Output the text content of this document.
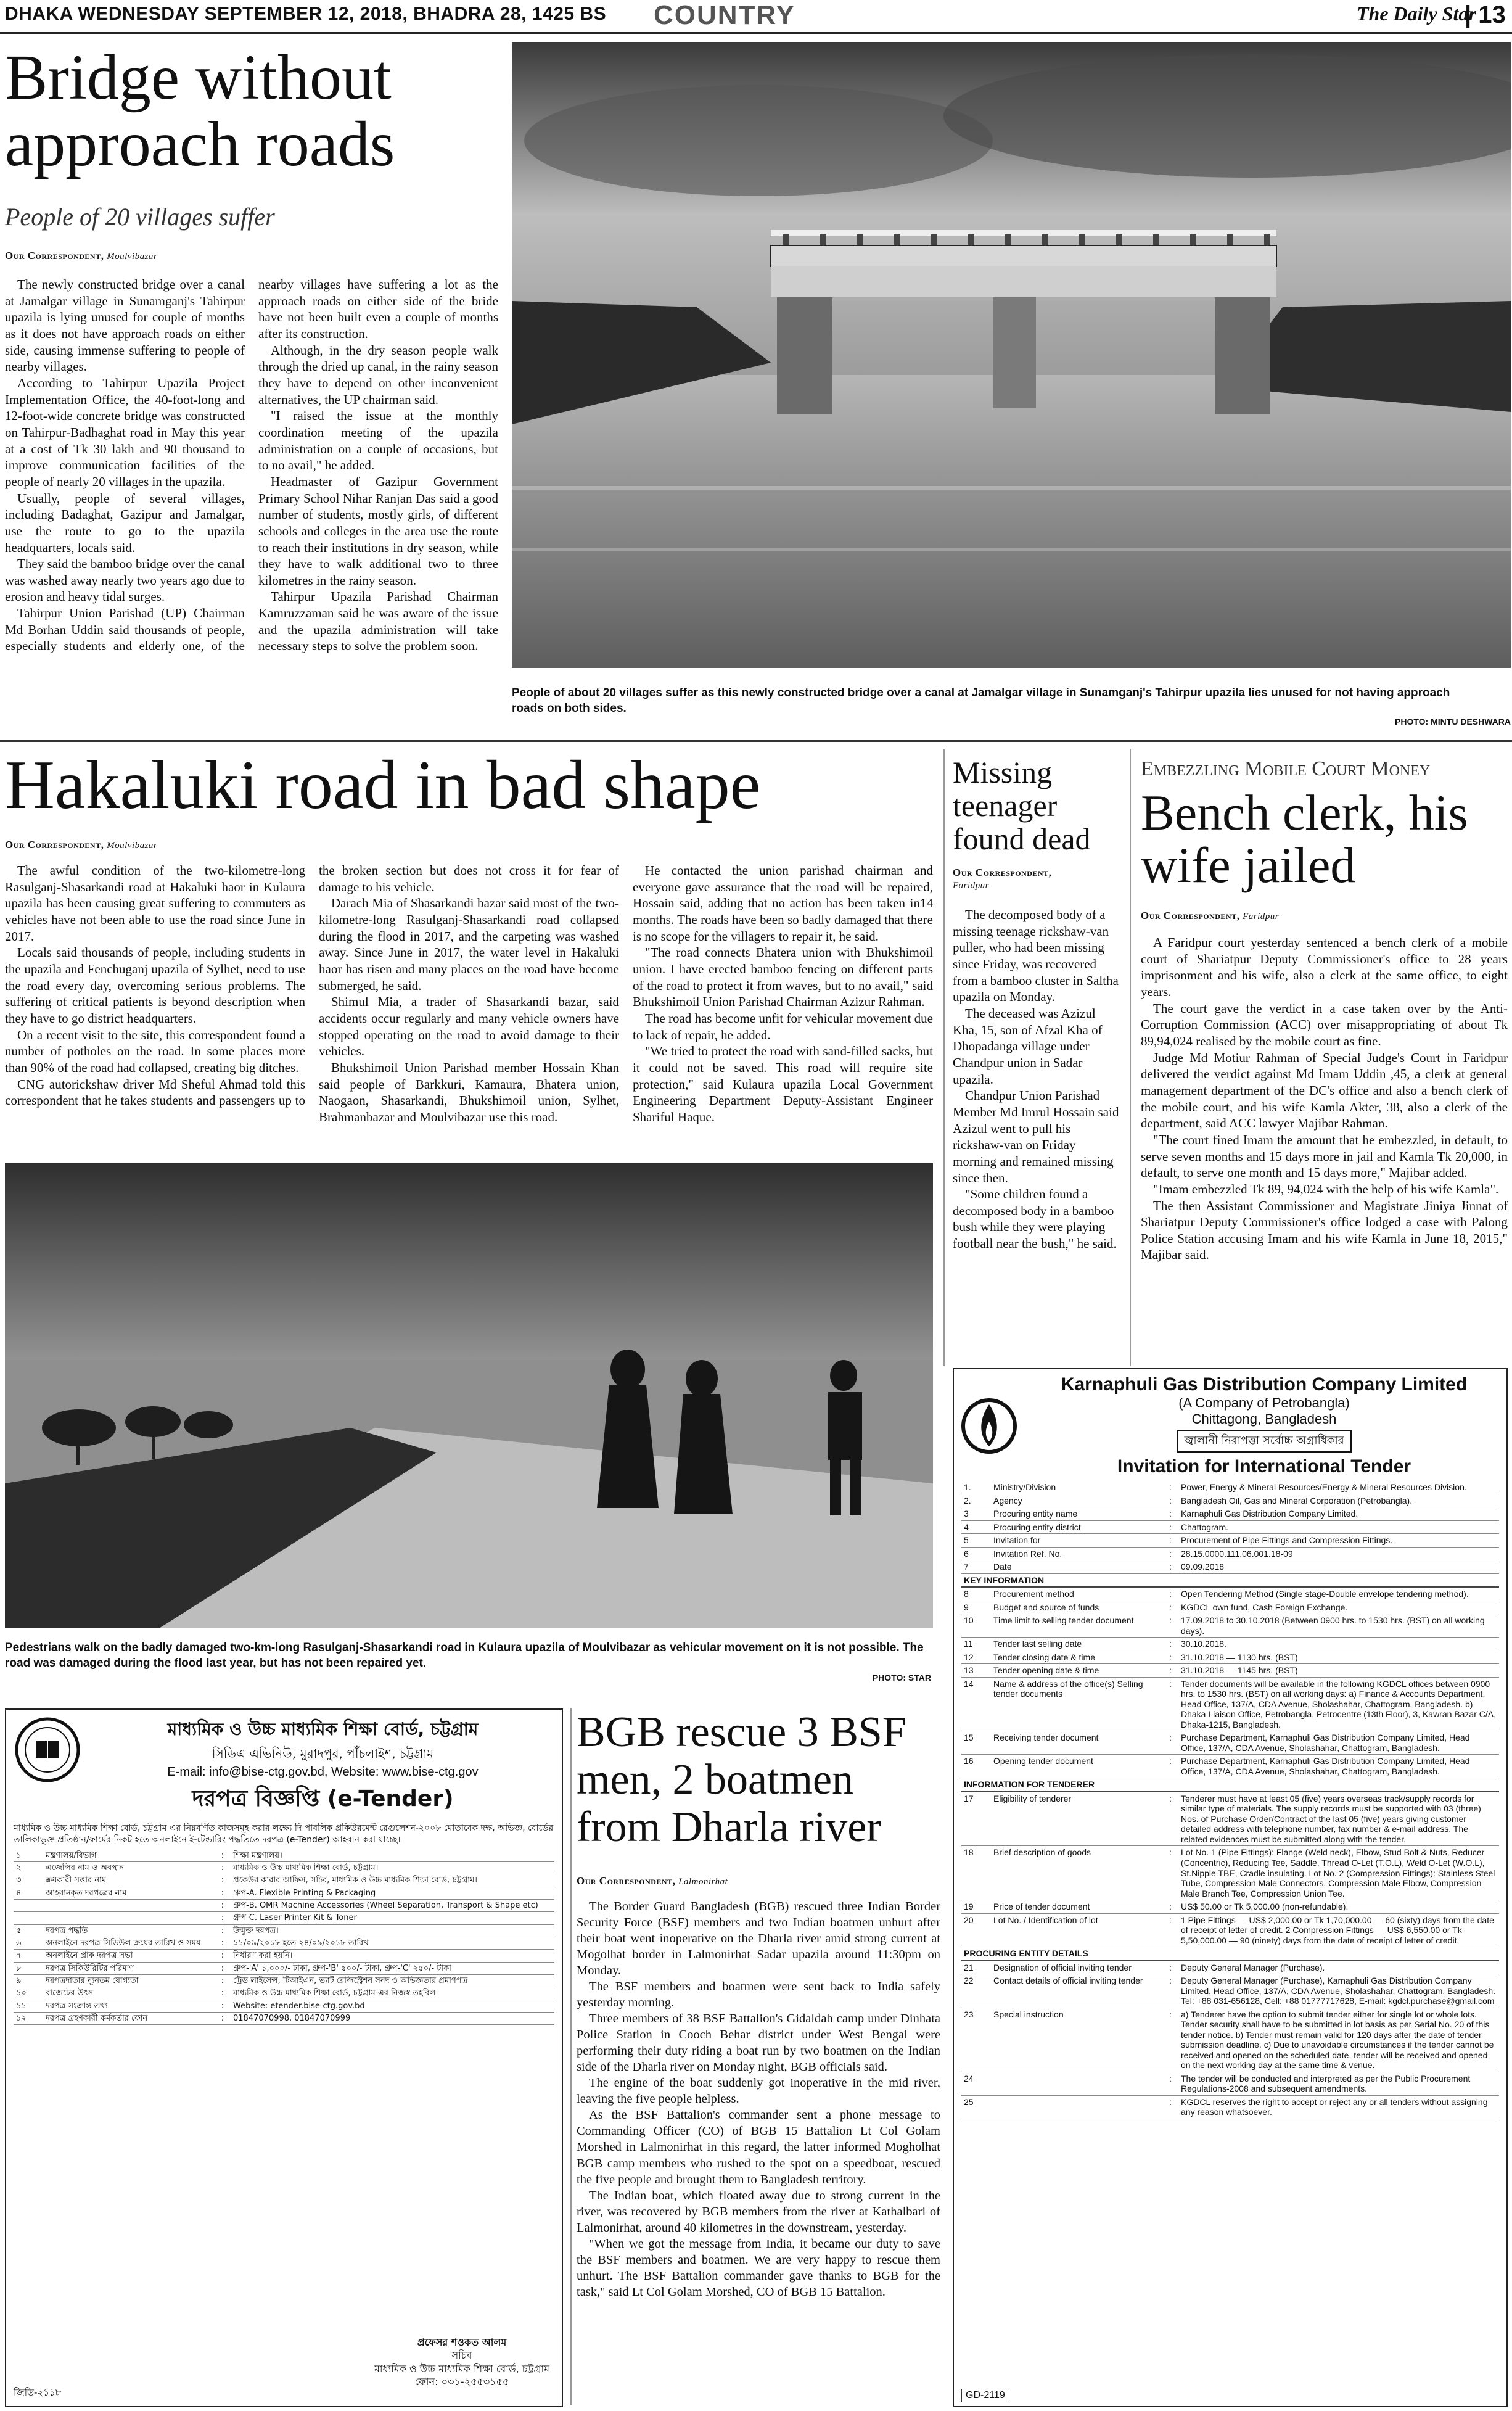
DHAKA WEDNESDAY SEPTEMBER 12, 2018, BHADRA 28, 1425 BS COUNTRY	The Daily Star
| 13
Bridge without approach roads
People of 20 villages suffer
Our Correspondent, Moulvibazar

The newly constructed bridge over a canal at Jamalgar village in Sunamganj's Tahirpur upazila is lying unused for couple of months as it does not have approach roads on either side, causing immense suffering to people of nearby villages.

According to Tahirpur Upazila Project Implementation Office, the 40-foot-long and 12-foot-wide concrete bridge was constructed on Tahirpur-Badhaghat road in May this year at a cost of Tk 30 lakh and 90 thousand to improve communication facilities of the people of nearly 20 villages in the upazila.

Usually, people of several villages, including Badaghat, Gazipur and Jamalgar, use the route to go to the upazila headquarters, locals said.

They said the bamboo bridge over the canal was washed away nearly two years ago due to erosion and heavy tidal surges.

Tahirpur Union Parishad (UP) Chairman Md Borhan Uddin said thousands of people, especially students and elderly one, of the nearby villages have suffering a lot as the approach roads on either side of the bride have not been built even a couple of months after its construction.

Although, in the dry season people walk through the dried up canal, in the rainy season they have to depend on other inconvenient alternatives, the UP chairman said.

"I raised the issue at the monthly coordination meeting of the upazila administration on a couple of occasions, but to no avail," he added.

Headmaster of Gazipur Government Primary School Nihar Ranjan Das said a good number of students, mostly girls, of different schools and colleges in the area use the route to reach their institutions in dry season, while they have to walk additional two to three kilometres in the rainy season.

Tahirpur Upazila Parishad Chairman Kamruzzaman said he was aware of the issue and the upazila administration will take necessary steps to solve the problem soon.

People of about 20 villages suffer as this newly constructed bridge over a canal at Jamalgar village in Sunamganj's Tahirpur upazila lies unused for not having approach roads on both sides.
PHOTO: MINTU DESHWARA
Hakaluki road in bad shape
Our Correspondent, Moulvibazar

The awful condition of the two-kilometre-long Rasulganj-Shasarkandi road at Hakaluki haor in Kulaura upazila has been causing great suffering to commuters as vehicles have not been able to use the road since June in 2017.

Locals said thousands of people, including students in the upazila and Fenchuganj upazila of Sylhet, need to use the road every day, overcoming serious problems. The suffering of critical patients is beyond description when they have to go district headquarters.

On a recent visit to the site, this correspondent found a number of potholes on the road. In some places more than 90% of the road had collapsed, creating big ditches.

CNG autorickshaw driver Md Sheful Ahmad told this correspondent that he takes students and passengers up to the broken section but does not cross it for fear of damage to his vehicle.

Darach Mia of Shasarkandi bazar said most of the two-kilometre-long Rasulganj-Shasarkandi road collapsed during the flood in 2017, and the carpeting was washed away. Since June in 2017, the water level in Hakaluki haor has risen and many places on the road have become submerged, he said.

Shimul Mia, a trader of Shasarkandi bazar, said accidents occur regularly and many vehicle owners have stopped operating on the road to avoid damage to their vehicles.

Bhukshimoil Union Parishad member Hossain Khan said people of Barkkuri, Kamaura, Bhatera union, Naogaon, Shasarkandi, Bhukshimoil union, Sylhet, Brahmanbazar and Moulvibazar use this road.

He contacted the union parishad chairman and everyone gave assurance that the road will be repaired, Hossain said, adding that no action has been taken in14 months. The roads have been so badly damaged that there is no scope for the villagers to repair it, he said.

"The road connects Bhatera union with Bhukshimoil union. I have erected bamboo fencing on different parts of the road to protect it from waves, but to no avail," said Bhukshimoil Union Parishad Chairman Azizur Rahman.

The road has become unfit for vehicular movement due to lack of repair, he added.

"We tried to protect the road with sand-filled sacks, but it could not be saved. This road will require site protection," said Kulaura upazila Local Government Engineering Department Deputy-Assistant Engineer Shariful Haque.

Pedestrians walk on the badly damaged two-km-long Rasulganj-Shasarkandi road in Kulaura upazila of Moulvibazar as vehicular movement on it is not possible. The road was damaged during the flood last year, but has not been repaired yet.
PHOTO: STAR
Missing teenager found dead
Our Correspondent,
Faridpur

The decomposed body of a missing teenage rickshaw-van puller, who had been missing since Friday, was recovered from a bamboo cluster in Saltha upazila on Monday.

The deceased was Azizul Kha, 15, son of Afzal Kha of Dhopadanga village under Chandpur union in Sadar upazila.

Chandpur Union Parishad Member Md Imrul Hossain said Azizul went to pull his rickshaw-van on Friday morning and remained missing since then.

"Some children found a decomposed body in a bamboo bush while they were playing football near the bush," he said.

Embezzling Mobile Court Money
Bench clerk, his wife jailed
Our Correspondent, Faridpur

A Faridpur court yesterday sentenced a bench clerk of a mobile court of Shariatpur Deputy Commissioner's office to 28 years imprisonment and his wife, also a clerk at the same office, to eight years.

The court gave the verdict in a case taken over by the Anti-Corruption Commission (ACC) over misappropriating of about Tk 89,94,024 realised by the mobile court as fine.

Judge Md Motiur Rahman of Special Judge's Court in Faridpur delivered the verdict against Md Imam Uddin ,45, a clerk at general management department of the DC's office and also a bench clerk of the mobile court, and his wife Kamla Akter, 38, also a clerk of the department, said ACC lawyer Majibar Rahman.

"The court fined Imam the amount that he embezzled, in default, to serve seven months and 15 days more in jail and Kamla Tk 20,000, in default, to serve one month and 15 days more," Majibar added.

"Imam embezzled Tk 89, 94,024 with the help of his wife Kamla".

The then Assistant Commissioner and Magistrate Jiniya Jinnat of Shariatpur Deputy Commissioner's office lodged a case with Palong Police Station accusing Imam and his wife Kamla in June 18, 2015," Majibar said.

Karnaphuli Gas Distribution Company Limited
(A Company of Petrobangla)
Chittagong, Bangladesh
জ্বালানী নিরাপত্তা সর্বোচ্চ অগ্রাধিকার
Invitation for International Tender
1.	Ministry/Division	:	Power, Energy & Mineral Resources/Energy & Mineral Resources Division.
2.	Agency	:	Bangladesh Oil, Gas and Mineral Corporation (Petrobangla).
3	Procuring entity name	:	Karnaphuli Gas Distribution Company Limited.
4	Procuring entity district	:	Chattogram.
5	Invitation for	:	Procurement of Pipe Fittings and Compression Fittings.
6	Invitation Ref. No.	:	28.15.0000.111.06.001.18-09
7	Date	:	09.09.2018
KEY INFORMATION			
8	Procurement method	:	Open Tendering Method (Single stage-Double envelope tendering method).
9	Budget and source of funds	:	KGDCL own fund, Cash Foreign Exchange.
10	Time limit to selling tender document	:	17.09.2018 to 30.10.2018 (Between 0900 hrs. to 1530 hrs. (BST) on all working days).
11	Tender last selling date	:	30.10.2018.
12	Tender closing date & time	:	31.10.2018 — 1130 hrs. (BST)
13	Tender opening date & time	:	31.10.2018 — 1145 hrs. (BST)
14	Name & address of the office(s) Selling tender documents	:	Tender documents will be available in the following KGDCL offices between 0900 hrs. to 1530 hrs. (BST) on all working days: a) Finance & Accounts Department, Head Office, 137/A, CDA Avenue, Sholashahar, Chattogram, Bangladesh. b) Dhaka Liaison Office, Petrobangla, Petrocentre (13th Floor), 3, Kawran Bazar C/A, Dhaka-1215, Bangladesh.
15	Receiving tender document	:	Purchase Department, Karnaphuli Gas Distribution Company Limited, Head Office, 137/A, CDA Avenue, Sholashahar, Chattogram, Bangladesh.
16	Opening tender document	:	Purchase Department, Karnaphuli Gas Distribution Company Limited, Head Office, 137/A, CDA Avenue, Sholashahar, Chattogram, Bangladesh.
INFORMATION FOR TENDERER			
17	Eligibility of tenderer	:	Tenderer must have at least 05 (five) years overseas track/supply records for similar type of materials. The supply records must be supported with 03 (three) Nos. of Purchase Order/Contract of the last 05 (five) years giving customer detailed address with telephone number, fax number & e-mail address. The related evidences must be submitted along with the tender.
18	Brief description of goods	:	Lot No. 1 (Pipe Fittings): Flange (Weld neck), Elbow, Stud Bolt & Nuts, Reducer (Concentric), Reducing Tee, Saddle, Thread O-Let (T.O.L), Weld O-Let (W.O.L), St.Nipple TBE, Cradle insulating. Lot No. 2 (Compression Fittings): Stainless Steel Tube, Compression Male Connectors, Compression Male Elbow, Compression Male Branch Tee, Compression Union Tee.
19	Price of tender document	:	US$ 50.00 or Tk 5,000.00 (non-refundable).
20	Lot No. / Identification of lot	:	1 Pipe Fittings — US$ 2,000.00 or Tk 1,70,000.00 — 60 (sixty) days from the date of receipt of letter of credit. 2 Compression Fittings — US$ 6,550.00 or Tk 5,50,000.00 — 90 (ninety) days from the date of receipt of letter of credit.
PROCURING ENTITY DETAILS			
21	Designation of official inviting tender	:	Deputy General Manager (Purchase).
22	Contact details of official inviting tender	:	Deputy General Manager (Purchase), Karnaphuli Gas Distribution Company Limited, Head Office, 137/A, CDA Avenue, Sholashahar, Chattogram, Bangladesh. Tel: +88 031-656128, Cell: +88 01777717628, E-mail: kgdcl.purchase@gmail.com
23	Special instruction	:	a) Tenderer have the option to submit tender either for single lot or whole lots. Tender security shall have to be submitted in lot basis as per Serial No. 20 of this tender notice. b) Tender must remain valid for 120 days after the date of tender submission deadline. c) Due to unavoidable circumstances if the tender cannot be received and opened on the scheduled date, tender will be received and opened on the next working day at the same time & venue.
24		:	The tender will be conducted and interpreted as per the Public Procurement Regulations-2008 and subsequent amendments.
25		:	KGDCL reserves the right to accept or reject any or all tenders without assigning any reason whatsoever.
GD-2119
মাধ্যমিক ও উচ্চ মাধ্যমিক শিক্ষা বোর্ড, চট্টগ্রাম
সিডিএ এভিনিউ, মুরাদপুর, পাঁচলাইশ, চট্টগ্রাম
E-mail: info@bise-ctg.gov.bd, Website: www.bise-ctg.gov
দরপত্র বিজ্ঞপ্তি (e-Tender)
মাধ্যমিক ও উচ্চ মাধ্যমিক শিক্ষা বোর্ড, চট্টগ্রাম এর নিম্নবর্ণিত কাজসমূহ করার লক্ষ্যে দি পাবলিক প্রকিউরমেন্ট রেগুলেশন-২০০৮ মোতাবেক দক্ষ, অভিজ্ঞ, বোর্ডের তালিকাভুক্ত প্রতিষ্ঠান/ফার্মের নিকট হতে অনলাইনে ই-টেন্ডারিং পদ্ধতিতে দরপত্র (e-Tender) আহবান করা যাচ্ছে।
১	মন্ত্রণালয়/বিভাগ	:	শিক্ষা মন্ত্রণালয়।
২	এজেন্সির নাম ও অবস্থান	:	মাধ্যমিক ও উচ্চ মাধ্যমিক শিক্ষা বোর্ড, চট্টগ্রাম।
৩	ক্রয়কারী সত্তার নাম	:	প্রকেউর কারার আফিস, সচিব, মাধ্যমিক ও উচ্চ মাধ্যমিক শিক্ষা বোর্ড, চট্টগ্রাম।
৪	আহবানকৃত দরপত্রের নাম	:	গ্রুপ-A. Flexible Printing & Packaging
		:	গ্রুপ-B. OMR Machine Accessories (Wheel Separation, Transport & Shape etc)
		:	গ্রুপ-C. Laser Printer Kit & Toner
৫	দরপত্র পদ্ধতি	:	উন্মুক্ত দরপত্র।
৬	অনলাইনে দরপত্র সিডিউল ক্রয়ের তারিখ ও সময়	:	১১/০৯/২০১৮ হতে ২৪/০৯/২০১৮ তারিখ
৭	অনলাইনে প্রাক দরপত্র সভা	:	নির্ধারণ করা হয়নি।
৮	দরপত্র সিকিউরিটির পরিমাণ	:	গ্রুপ-'A' ১,০০০/- টাকা, গ্রুপ-'B' ৫০০/- টাকা, গ্রুপ-'C' ২৫০/- টাকা
৯	দরপত্রদাতার ন্যূনতম যোগ্যতা	:	ট্রেড লাইসেন্স, টিআইএন, ভ্যাট রেজিস্ট্রেশন সনদ ও অভিজ্ঞতার প্রমাণপত্র
১০	বাজেটের উৎস	:	মাধ্যমিক ও উচ্চ মাধ্যমিক শিক্ষা বোর্ড, চট্টগ্রাম এর নিজস্ব তহবিল
১১	দরপত্র সংক্রান্ত তথ্য	:	Website: etender.bise-ctg.gov.bd
১২	দরপত্র গ্রহণকারী কর্মকর্তার ফোন	:	01847070998, 01847070999
প্রফেসর শওকত আলম
সচিব
মাধ্যমিক ও উচ্চ মাধ্যমিক শিক্ষা বোর্ড, চট্টগ্রাম
ফোন: ০৩১-২৫৫৩১৫৫
জিডি-২১১৮
BGB rescue 3 BSF men, 2 boatmen from Dharla river
Our Correspondent, Lalmonirhat

The Border Guard Bangladesh (BGB) rescued three Indian Border Security Force (BSF) members and two Indian boatmen unhurt after their boat went inoperative on the Dharla river amid strong current at Mogolhat border in Lalmonirhat Sadar upazila around 11:30pm on Monday.

The BSF members and boatmen were sent back to India safely yesterday morning.

Three members of 38 BSF Battalion's Gidaldah camp under Dinhata Police Station in Cooch Behar district under West Bengal were performing their duty riding a boat run by two boatmen on the Indian side of the Dharla river on Monday night, BGB officials said.

The engine of the boat suddenly got inoperative in the mid river, leaving the five people helpless.

As the BSF Battalion's commander sent a phone message to Commanding Officer (CO) of BGB 15 Battalion Lt Col Golam Morshed in Lalmonirhat in this regard, the latter informed Mogholhat BGB camp members who rushed to the spot on a speedboat, rescued the five people and brought them to Bangladesh territory.

The Indian boat, which floated away due to strong current in the river, was recovered by BGB members from the river at Kathalbari of Lalmonirhat, around 40 kilometres in the downstream, yesterday.

"When we got the message from India, it became our duty to save the BSF members and boatmen. We are very happy to rescue them unhurt. The BSF Battalion commander gave thanks to BGB for the task," said Lt Col Golam Morshed, CO of BGB 15 Battalion.
